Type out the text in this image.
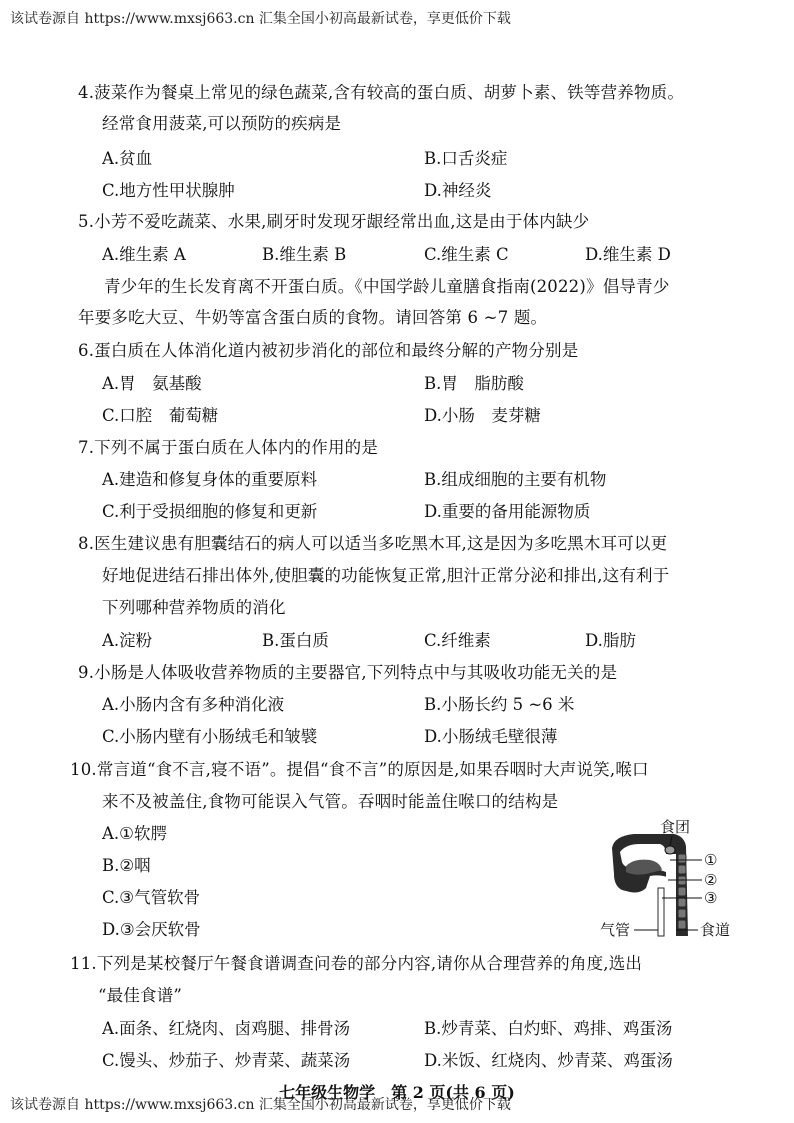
该试卷源自 https://www.mxsj663.cn 汇集全国小初高最新试卷，享更低价下载
4.菠菜作为餐桌上常见的绿色蔬菜,含有较高的蛋白质、胡萝卜素、铁等营养物质。
经常食用菠菜,可以预防的疾病是
A.贫血	B.口舌炎症
C.地方性甲状腺肿	D.神经炎
5.小芳不爱吃蔬菜、水果,刷牙时发现牙龈经常出血,这是由于体内缺少
A.维生素 A	B.维生素 B	C.维生素 C	D.维生素 D
青少年的生长发育离不开蛋白质。《中国学龄儿童膳食指南(2022)》倡导青少
年要多吃大豆、牛奶等富含蛋白质的食物。请回答第 6 ~7 题。
6.蛋白质在人体消化道内被初步消化的部位和最终分解的产物分别是
A.胃　氨基酸	B.胃　脂肪酸
C.口腔　葡萄糖	D.小肠　麦芽糖
7.下列不属于蛋白质在人体内的作用的是
A.建造和修复身体的重要原料	B.组成细胞的主要有机物
C.利于受损细胞的修复和更新	D.重要的备用能源物质
8.医生建议患有胆囊结石的病人可以适当多吃黑木耳,这是因为多吃黑木耳可以更
好地促进结石排出体外,使胆囊的功能恢复正常,胆汁正常分泌和排出,这有利于
下列哪种营养物质的消化
A.淀粉	B.蛋白质	C.纤维素	D.脂肪
9.小肠是人体吸收营养物质的主要器官,下列特点中与其吸收功能无关的是
A.小肠内含有多种消化液	B.小肠长约 5 ~6 米
C.小肠内壁有小肠绒毛和皱襞	D.小肠绒毛壁很薄
10.常言道“食不言,寝不语”。提倡“食不言”的原因是,如果吞咽时大声说笑,喉口
来不及被盖住,食物可能误入气管。吞咽时能盖住喉口的结构是
A.①软腭
B.②咽
C.③气管软骨
D.③会厌软骨
食团
①
②
③
气管	食道
11.下列是某校餐厅午餐食谱调查问卷的部分内容,请你从合理营养的角度,选出
“最佳食谱”
A.面条、红烧肉、卤鸡腿、排骨汤	B.炒青菜、白灼虾、鸡排、鸡蛋汤
C.馒头、炒茄子、炒青菜、蔬菜汤	D.米饭、红烧肉、炒青菜、鸡蛋汤
七年级生物学　第 2 页(共 6 页)
该试卷源自 https://www.mxsj663.cn 汇集全国小初高最新试卷，享更低价下载
